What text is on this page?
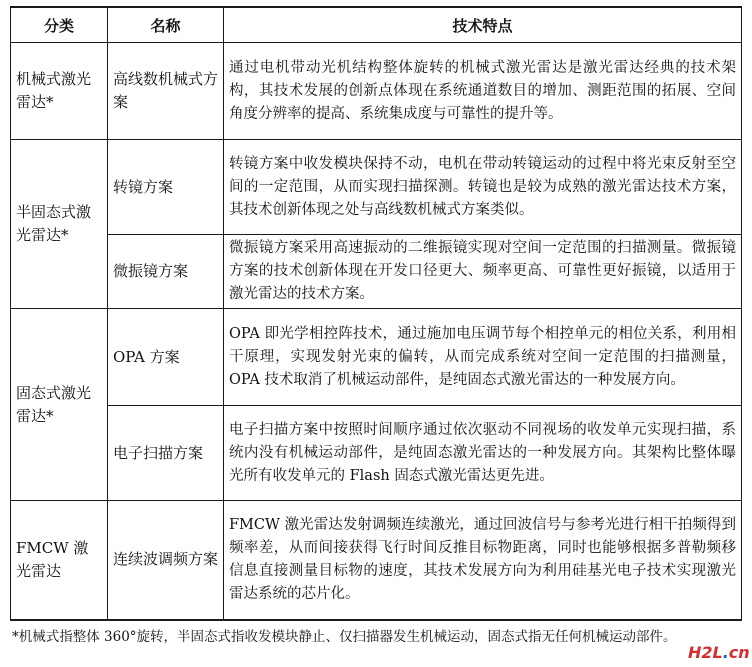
分类	名称	技术特点
机械式激光雷达*	高线数机械式方案	通过电机带动光机结构整体旋转的机械式激光雷达是激光雷达经典的技术架构，其技术发展的创新点体现在系统通道数目的增加、测距范围的拓展、空间角度分辨率的提高、系统集成度与可靠性的提升等。
半固态式激光雷达*	转镜方案	转镜方案中收发模块保持不动，电机在带动转镜运动的过程中将光束反射至空间的一定范围，从而实现扫描探测。转镜也是较为成熟的激光雷达技术方案，其技术创新体现之处与高线数机械式方案类似。
	微振镜方案	微振镜方案采用高速振动的二维振镜实现对空间一定范围的扫描测量。微振镜方案的技术创新体现在开发口径更大、频率更高、可靠性更好振镜，以适用于激光雷达的技术方案。
固态式激光雷达*	OPA 方案	OPA 即光学相控阵技术，通过施加电压调节每个相控单元的相位关系，利用相干原理，实现发射光束的偏转，从而完成系统对空间一定范围的扫描测量，OPA 技术取消了机械运动部件，是纯固态式激光雷达的一种发展方向。
	电子扫描方案	电子扫描方案中按照时间顺序通过依次驱动不同视场的收发单元实现扫描，系统内没有机械运动部件，是纯固态激光雷达的一种发展方向。其架构比整体曝光所有收发单元的 Flash 固态式激光雷达更先进。
FMCW 激光雷达	连续波调频方案	FMCW 激光雷达发射调频连续激光，通过回波信号与参考光进行相干拍频得到频率差，从而间接获得飞行时间反推目标物距离，同时也能够根据多普勒频移信息直接测量目标物的速度，其技术发展方向为利用硅基光电子技术实现激光雷达系统的芯片化。
*机械式指整体 360°旋转，半固态式指收发模块静止、仅扫描器发生机械运动，固态式指无任何机械运动部件。
H2L.cn
